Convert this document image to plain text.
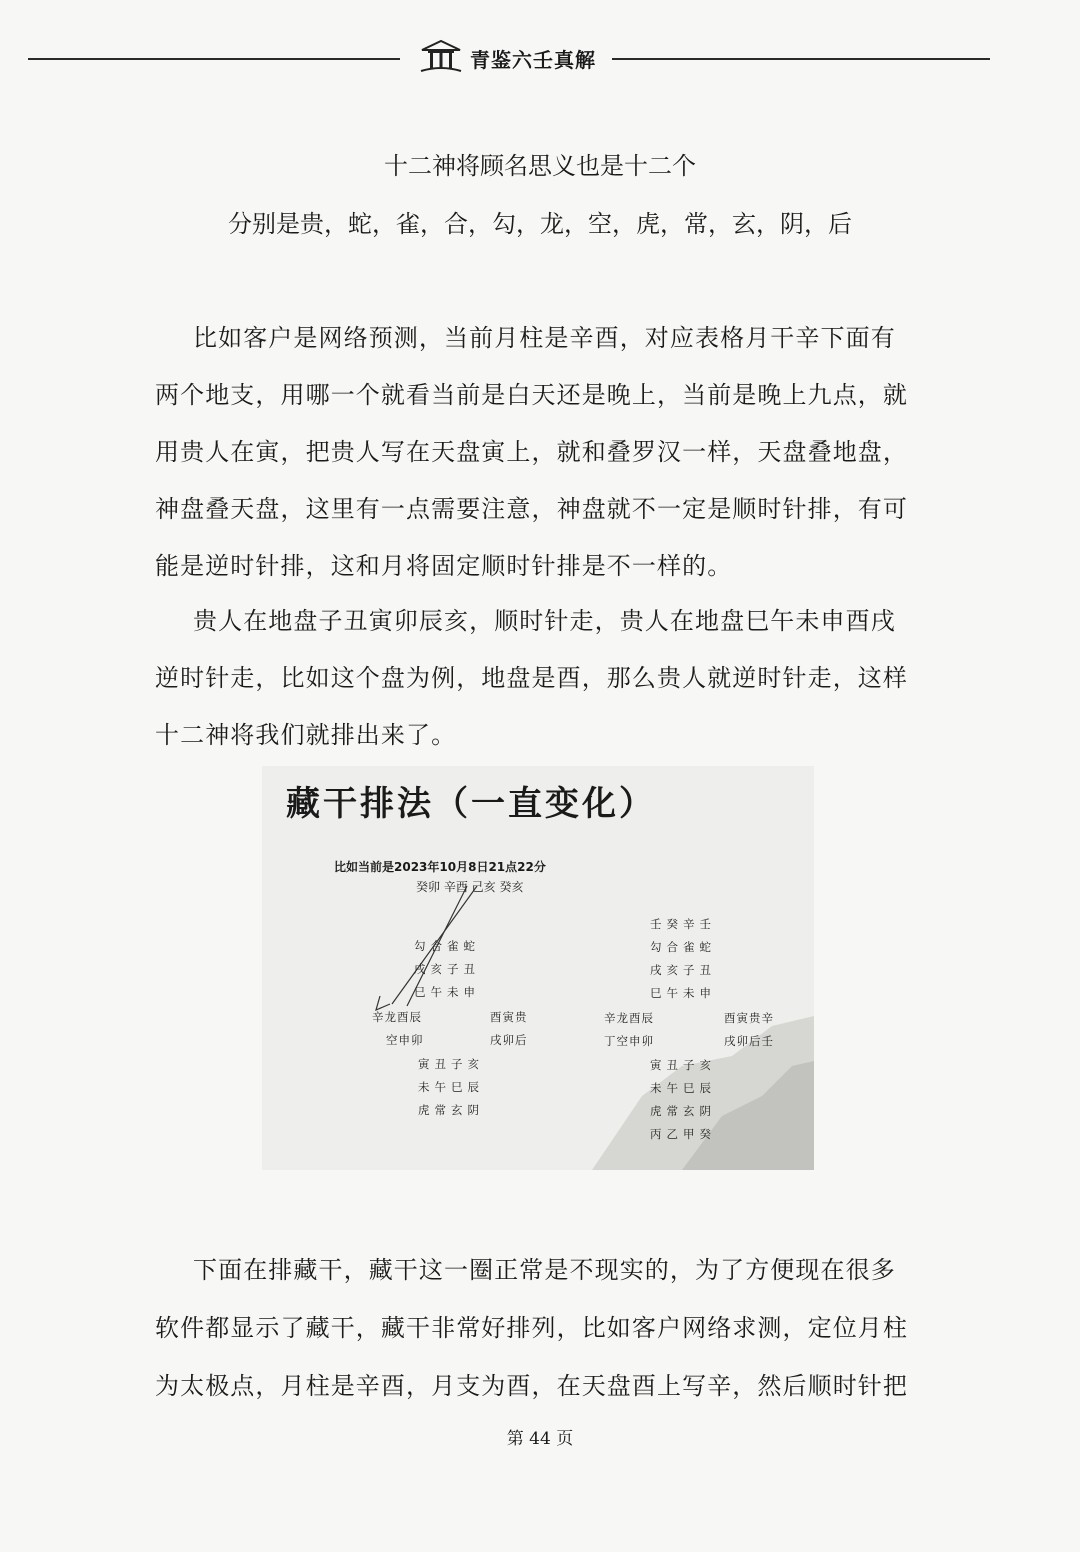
青鉴六壬真解
十二神将顾名思义也是十二个
分别是贵，蛇，雀，合，勾，龙，空，虎，常，玄，阴，后
比如客户是网络预测，当前月柱是辛酉，对应表格月干辛下面有
两个地支，用哪一个就看当前是白天还是晚上，当前是晚上九点，就
用贵人在寅，把贵人写在天盘寅上，就和叠罗汉一样，天盘叠地盘，
神盘叠天盘，这里有一点需要注意，神盘就不一定是顺时针排，有可
能是逆时针排，这和月将固定顺时针排是不一样的。
贵人在地盘子丑寅卯辰亥，顺时针走，贵人在地盘巳午未申酉戌
逆时针走，比如这个盘为例，地盘是酉，那么贵人就逆时针走，这样
十二神将我们就排出来了。
藏干排法（一直变化）
比如当前是2023年10月8日21点22分
癸卯 辛酉 己亥 癸亥
勾合雀蛇
戌亥子丑
巳午未申
辛龙酉辰
空申卯
酉寅贵
戌卯后
寅丑子亥
未午巳辰
虎常玄阴
壬癸辛壬
勾合雀蛇
戌亥子丑
巳午未申
辛龙酉辰
丁空申卯
酉寅贵辛
戌卯后壬
寅丑子亥
未午巳辰
虎常玄阴
丙乙甲癸
下面在排藏干，藏干这一圈正常是不现实的，为了方便现在很多
软件都显示了藏干，藏干非常好排列，比如客户网络求测，定位月柱
为太极点，月柱是辛酉，月支为酉，在天盘酉上写辛，然后顺时针把
第 44 页
